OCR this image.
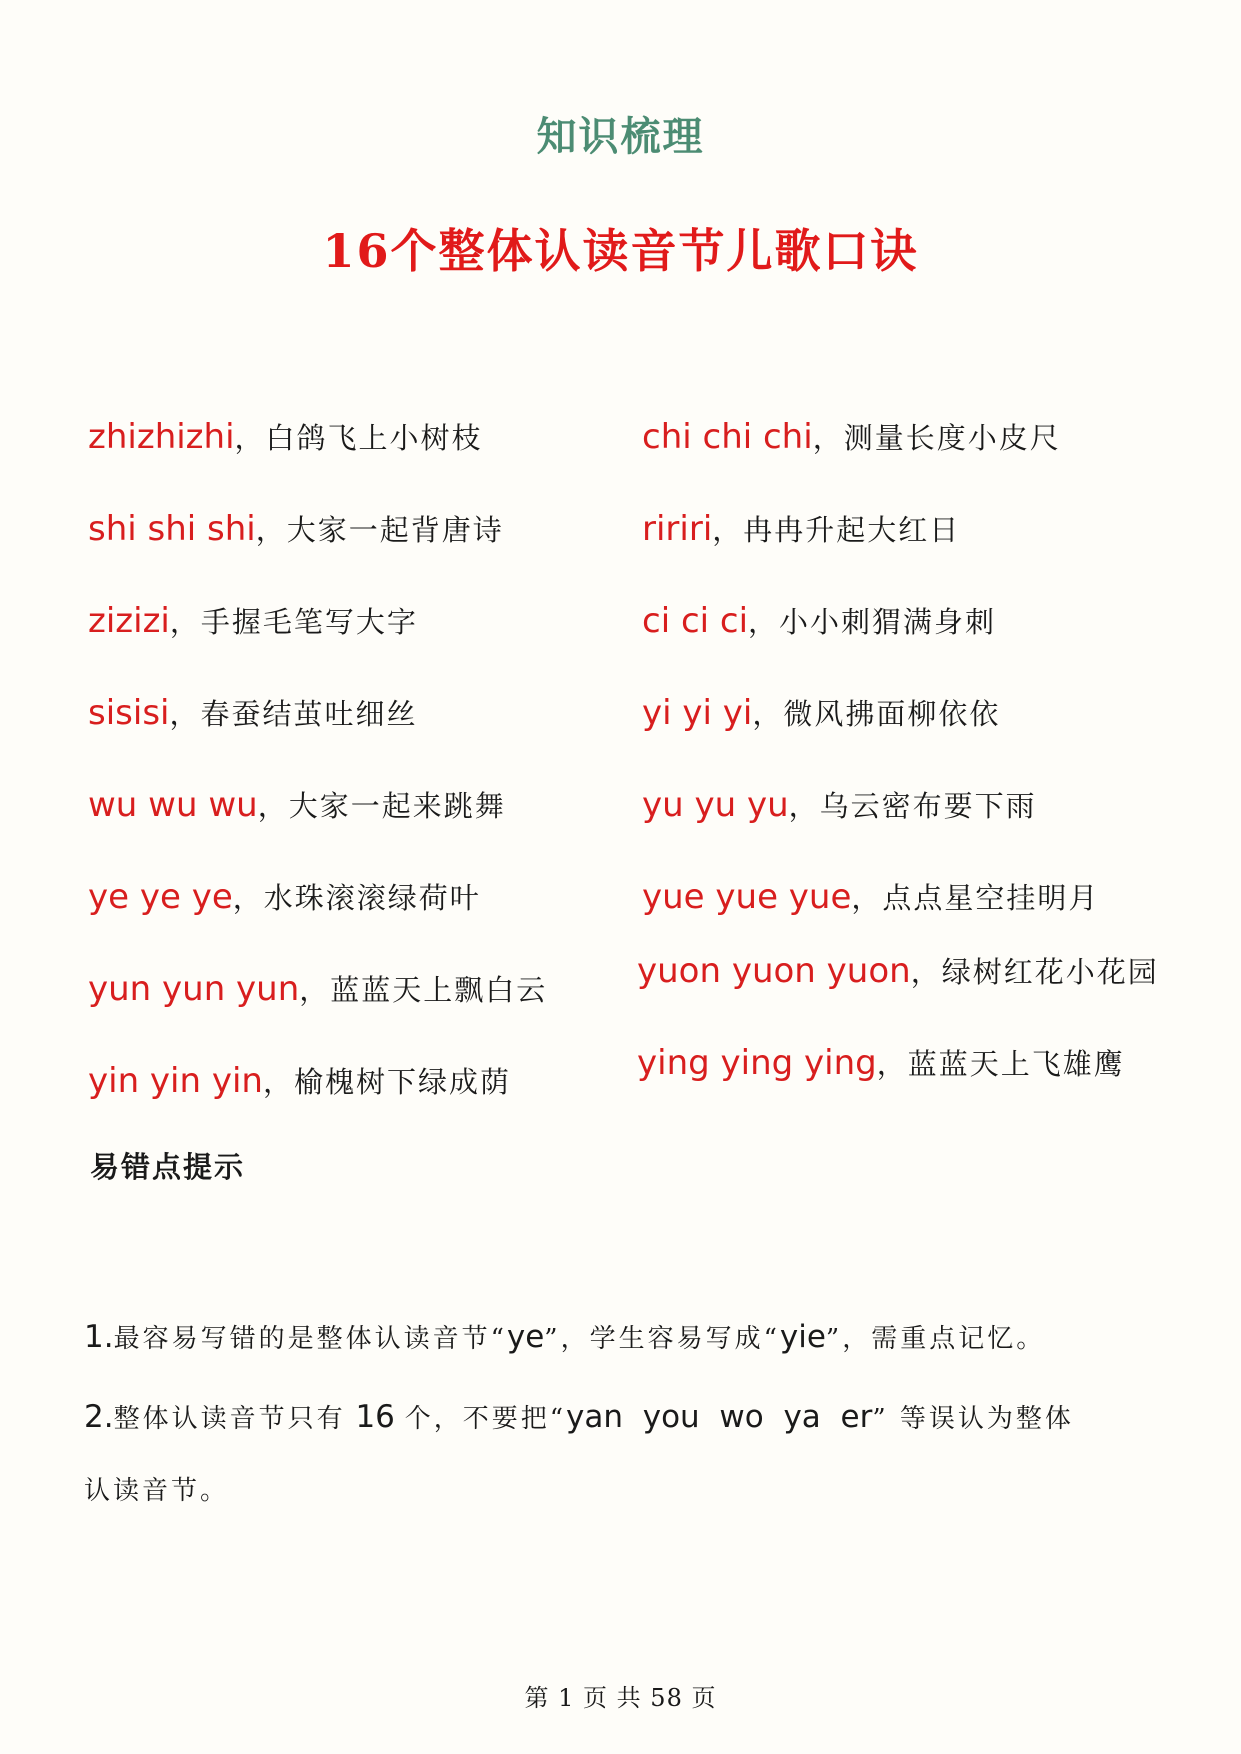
知识梳理
16个整体认读音节儿歌口诀
zhizhizhi，白鸽飞上小树枝
shi shi shi，大家一起背唐诗
zizizi，手握毛笔写大字
sisisi，春蚕结茧吐细丝
wu wu wu，大家一起来跳舞
ye ye ye，水珠滚滚绿荷叶
yun yun yun，蓝蓝天上飘白云
yin yin yin，榆槐树下绿成荫
chi chi chi，测量长度小皮尺
ririri，冉冉升起大红日
ci ci ci，小小刺猬满身刺
yi yi yi，微风拂面柳依依
yu yu yu，乌云密布要下雨
yue yue yue，点点星空挂明月
yuon yuon yuon，绿树红花小花园
ying ying ying，蓝蓝天上飞雄鹰
易错点提示
1.最容易写错的是整体认读音节“ye”，学生容易写成“yie”，需重点记忆。
2.整体认读音节只有 16 个，不要把“yan  you  wo  ya  er” 等误认为整体
认读音节。
第 1 页 共 58 页
